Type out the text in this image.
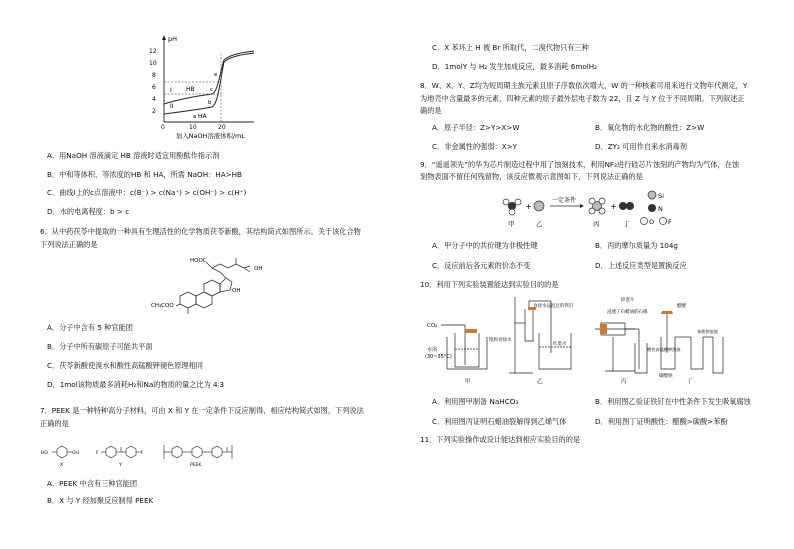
pH
12
10
8
6
4
2
0	10	20
加入NaOH溶液体积/mL
I
II
HB
HA
a
b
c
e
A．用NaOH 溶液滴定 HB 溶液时适宜用酚酞作指示剂
B．中和等体积、等浓度的HB 和 HA，所需 NaOH：HA>HB
C．曲线Ⅰ上的c点溶液中：c(B⁻) > c(Na⁺) > c(OH⁻) > c(H⁺)
D．水的电离程度：b > c
6．从中药茯苓中提取的一种具有生理活性的化学物质茯苓新酸，其结构简式如图所示。关于该化合物
下列说法正确的是
HOOC
OH
OH
CH₃COO
A．分子中含有 5 种官能团
B．分子中所有碳原子可能共平面
C．茯苓新酸使溴水和酸性高锰酸钾褪色原理相同
D．1mol该物质最多消耗H₂和Na的物质的量之比为 4∶3
7．PEEK 是一种特种高分子材料，可由 X 和 Y 在一定条件下反应制得，相应结构简式如图，下列说法
正确的是
HO	OH	F	F
X	Y	PEEK
A．PEEK 中含有三种官能团
B．X 与 Y 经加聚反应制得 PEEK
C．X 苯环上 H 被 Br 所取代，二溴代物只有三种
D．1molY 与 H₂ 发生加成反应，最多消耗 6molH₂
8．W、X、Y、Z均为短周期主族元素且原子序数依次增大，W 的一种核素可用来进行文物年代测定，Y
为地壳中含量最多的元素，四种元素的原子最外层电子数为 22，且 Z 与 Y 位于不同周期。下列叙述正
确的是
A．原子半径：Z>Y>X>W	B．氧化物的水化物的酸性：Z>W
C．非金属性的强弱：X>Y	D．ZY₂ 可用作自来水消毒剂
9．“遥遥领先”的华为芯片制造过程中用了蚀刻技术，利用NF₃进行硅芯片蚀刻的产物均为气体，在蚀
刻物表面不留任何残留物，该反应微观示意图如下，下列说法正确的是
+
一定条件
+
甲	乙	丙	丁
Si
N
O F
A．甲分子中的共价键为非极性键	B．丙的摩尔质量为 104g
C．反应前后各元素的价态不变	D．上述反应类型是置换反应
10．利用下列实验装置能达到实验目的的是
CO₂
水浴
(30~35°C)
饱和食盐水
甲
食盐水浸泡过的铁钉
红墨水
乙
碎瓷片
浸透了石蜡油的石棉
酸性高锰酸钾溶液
丙
醋酸
碳酸钠
苯酚钠溶液
丁
A．利用图甲制备 NaHCO₃	B．利用图乙验证铁钉在中性条件下发生吸氧腐蚀
C．利用图丙证明石蜡油裂解得到乙烯气体	D．利用图丁证明酸性：醋酸>碳酸>苯酚
11．下列实验操作或设计能达到相应实验目的的是
